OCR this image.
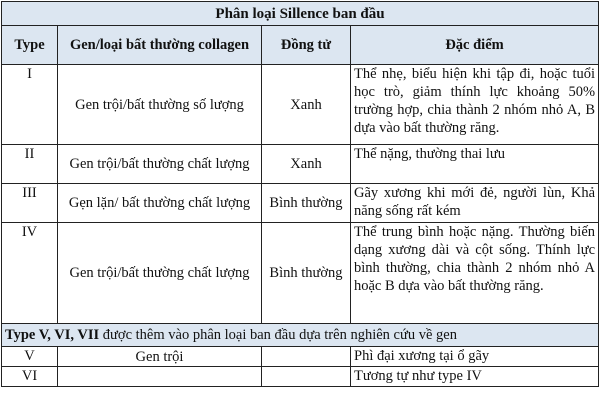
Phân loại Sillence ban đầu			
Type	Gen/loại bất thường collagen	Đồng tử	Đặc điểm
I	Gen trội/bất thường số lượng	Xanh	Thể nhẹ, biểu hiện khi tập đi, hoặc tuổi học trò, giảm thính lực khoảng 50% trường hợp, chia thành 2 nhóm nhỏ A, B dựa vào bất thường răng.
II	Gen trội/bất thường chất lượng	Xanh	Thể nặng, thường thai lưu
III	Gẹn lặn/ bất thường chất lượng	Bình thường	Gãy xương khi mới đẻ, người lùn, Khả năng sống rất kém
IV	Gen trội/bất thường chất lượng	Bình thường	Thể trung bình hoặc nặng. Thường biến dạng xương dài và cột sống. Thính lực bình thường, chia thành 2 nhóm nhỏ A hoặc B dựa vào bất thường răng.
Type V, VI, VII được thêm vào phân loại ban đầu dựa trên nghiên cứu về gen			
V	Gen trội		Phì đại xương tại ổ gãy
VI			Tương tự như type IV
